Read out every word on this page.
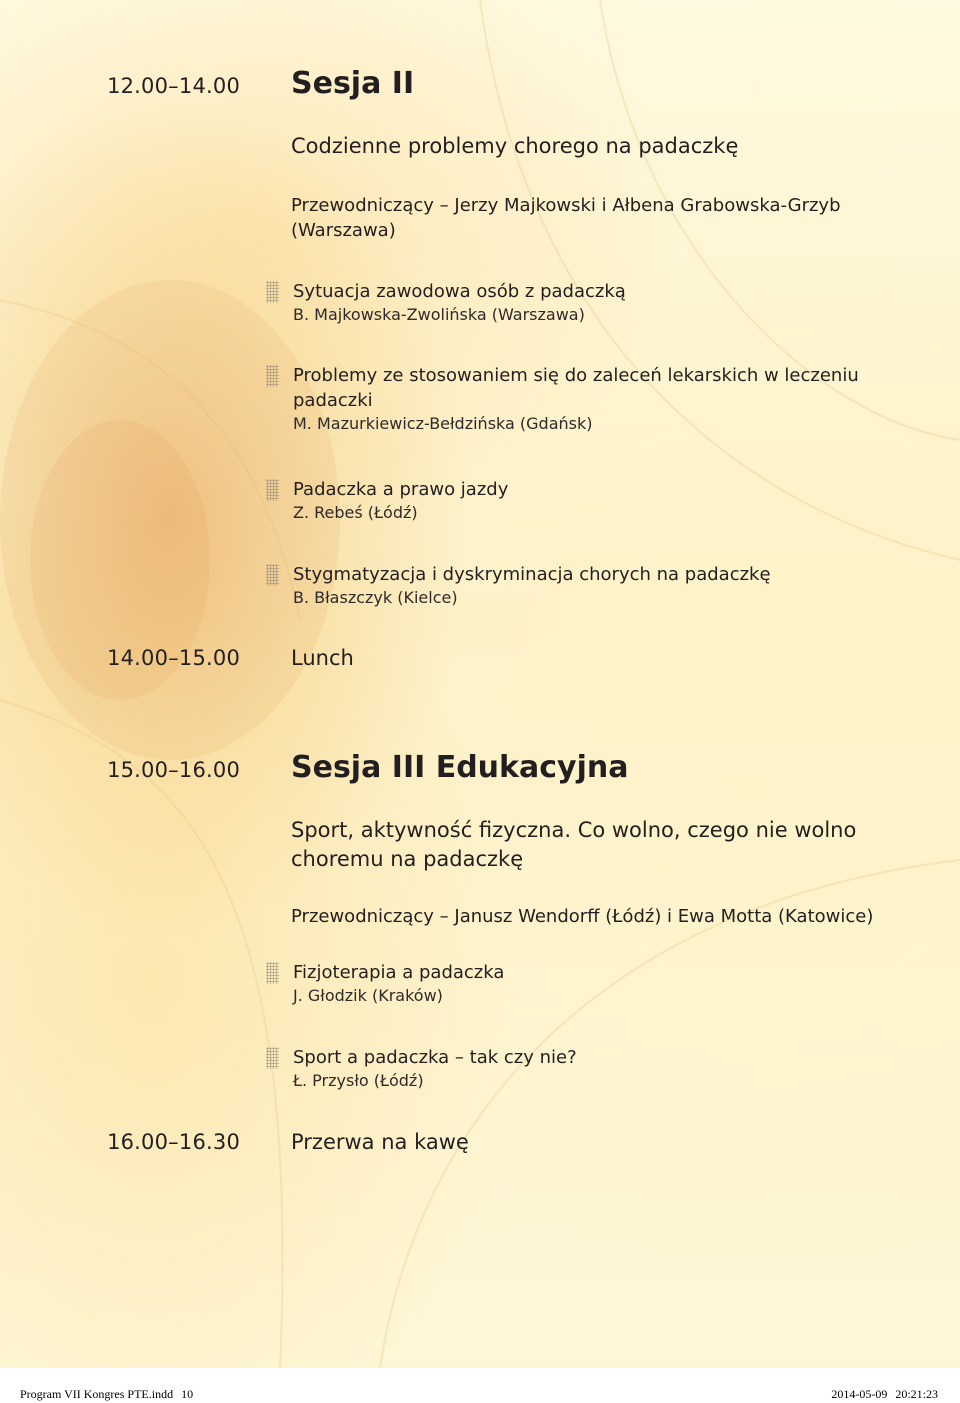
12.00–14.00 Sesja II
Codzienne problemy chorego na padaczkę
Przewodniczący – Jerzy Majkowski i Ałbena Grabowska-Grzyb
(Warszawa)
Sytuacja zawodowa osób z padaczką
B. Majkowska-Zwolińska (Warszawa)
Problemy ze stosowaniem się do zaleceń lekarskich w leczeniu
padaczki
M. Mazurkiewicz-Bełdzińska (Gdańsk)
Padaczka a prawo jazdy
Z. Rebeś (Łódź)
Stygmatyzacja i dyskryminacja chorych na padaczkę
B. Błaszczyk (Kielce)
14.00–15.00 Lunch
15.00–16.00 Sesja III Edukacyjna
Sport, aktywność fizyczna. Co wolno, czego nie wolno
choremu na padaczkę
Przewodniczący – Janusz Wendorff (Łódź) i Ewa Motta (Katowice)
Fizjoterapia a padaczka
J. Głodzik (Kraków)
Sport a padaczka – tak czy nie?
Ł. Przysło (Łódź)
16.00–16.30 Przerwa na kawę
Program VII Kongres PTE.indd 10	2014-05-09 20:21:23
